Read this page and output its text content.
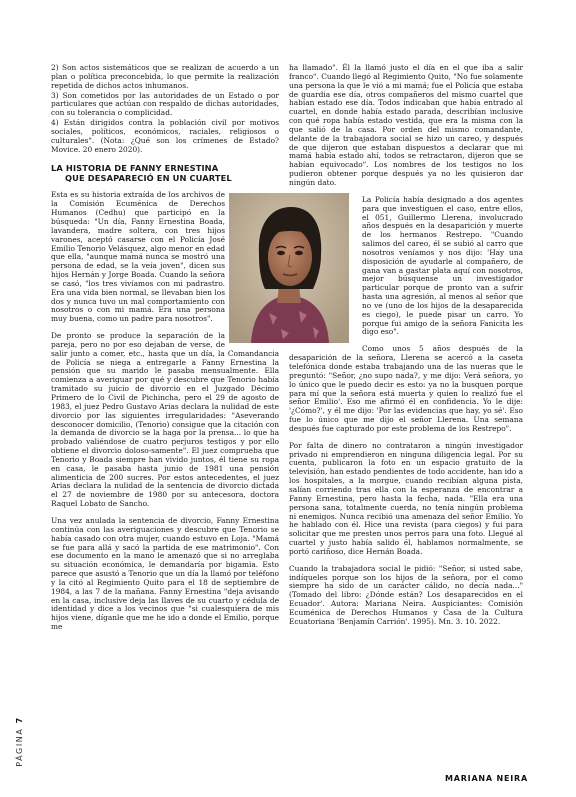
2) Son actos sistemáticos que se realizan de acuerdo a un plan o política preconcebida, lo que permite la realización repetida de dichos actos inhumanos.

3) Son cometidos por las autoridades de un Estado o por particulares que actúan con respaldo de dichas autoridades, con su tolerancia o complicidad.

4) Están dirigidos contra la población civil por motivos sociales, políticos, económicos, raciales, religiosos o culturales". (Nota: ¿Qué son los crímenes de Estado? Movice. 20 enero 2020).

LA HISTORIA DE FANNY ERNESTINA
QUE DESAPARECIÓ EN UN CUARTEL

Esta es su historia extraída de los archivos de la Comisión Ecuménica de Derechos Humanos (Cedhu) que participó en la búsqueda: "Un día, Fanny Ernestina Boada, lavandera, madre soltera, con tres hijos varones, aceptó casarse con el Policía José Emilio Tenorio Velásquez, algo menor en edad que ella, "aunque mamá nunca se mostró una persona de edad, se la veía joven", dicen sus hijos Hernán y Jorge Boada. Cuando la señora se casó, "los tres vivíamos con mi padrastro. Era una vida bien normal, se llevaban bien los dos y nunca tuvo un mal comportamiento con nosotros o con mi mamá. Era una persona muy buena, como un padre para nosotros".

De pronto se produce la separación de la pareja, pero no por eso dejaban de verse, de salir junto a comer, etc., hasta que un día, la Comandancia de Policía se niega a entregarle a Fanny Ernestina la pensión que su marido le pasaba mensualmente. Ella comienza a averiguar por qué y descubre que Tenorio había tramitado su juicio de divorcio en el Juzgado Décimo Primero de lo Civil de Pichincha, pero el 29 de agosto de 1983, el juez Pedro Gustavo Arias declara la nulidad de este divorcio por las siguientes irregularidades: "Aseverando desconocer domicilio, (Tenorio) consigue que la citación con la demanda de divorcio se la haga por la prensa... lo que ha probado valiéndose de cuatro perjuros testigos y por ello obtiene el divorcio doloso-samente". El juez comprueba que Tenorio y Boada siempre han vivido juntos, él tiene su ropa en casa, le pasaba hasta junio de 1981 una pensión alimenticia de 200 sucres. Por estos antecedentes, el juez Arias declara la nulidad de la sentencia de divorcio dictada el 27 de noviembre de 1980 por su antecesora, doctora Raquel Lobato de Sancho.

Una vez anulada la sentencia de divorcio, Fanny Ernestina continúa con las averiguaciones y descubre que Tenorio se había casado con otra mujer, cuando estuvo en Loja. "Mamá se fue para allá y sacó la partida de ese matrimonio". Con ese documento en la mano le amenazó que si no arreglaba su situación económica, le demandaría por bigamia. Esto parece que asustó a Tenorio que un día la llamó por teléfono y la citó al Regimiento Quito para el 18 de septiembre de 1984, a las 7 de la mañana. Fanny Ernestina "deja avisando en la casa, inclusive deja las llaves de su cuarto y cédula de identidad y dice a los vecinos que "si cualesquiera de mis hijos viene, díganle que me he ido a donde el Emilio, porque me

ha llamado". Él la llamó justo el día en el que iba a salir franco". Cuando llegó al Regimiento Quito, "No fue solamente una persona la que le vió a mi mamá; fue el Policía que estaba de guardia ese día, otros compañeros del mismo cuartel que habían estado ese día. Todos indicaban que había entrado al cuartel, en donde había estado parada, describían inclusive con qué ropa había estado vestida, que era la misma con la que salió de la casa. Por orden del mismo comandante, delante de la trabajadora social se hizo un careo, y después de que dijeron que estaban dispuestos a declarar que mi mamá había estado ahí, todos se retractaron, dijeron que se habían equivocado". Los nombres de los testigos no los pudieron obtener porque después ya no les quisieron dar ningún dato.

La Policía había designado a dos agentes para que investiguen el caso, entre ellos, el 051, Guillermo Llerena, involucrado años después en la desaparición y muerte de los hermanos Restrepo. "Cuando salimos del careo, él se subió al carro que nosotros veníamos y nos dijo: 'Hay una disposición de ayudarle al compañero, de gana van a gastar plata aquí con nosotros, mejor búsquense un investigador particular porque de pronto van a sufrir hasta una agresión, al menos al señor que no ve (uno de los hijos de la desaparecida es ciego), le puede pisar un carro. Yo porque fui amigo de la señora Fanicita les digo eso".

Como unos 5 años después de la desaparición de la señora, Llerena se acercó a la caseta telefónica donde estaba trabajando una de las nueras que le preguntó: "Señor, ¿no supo nada?, y me dijo: Verá señora, yo lo único que le puedo decir es esto: ya no la busquen porque para mí que la señora está muerta y quien lo realizó fue el señor Emilio'. Eso me afirmó él en confidencia. Yo le dije: '¿Cómo?', y él me dijo: 'Por las evidencias que hay, yo sé'. Eso fue lo único que me dijo el señor Llerena. Una semana después fue capturado por este problema de los Restrepo".

Por falta de dinero no contrataron a ningún investigador privado ni emprendieron en ninguna diligencia legal. Por su cuenta, publicaron la foto en un espacio gratuito de la televisión, han estado pendientes de todo accidente, han ido a los hospitales, a la morgue, cuando recibían alguna pista, salían corriendo tras ella con la esperanza de encontrar a Fanny Ernestina, pero hasta la fecha, nada. "Ella era una persona sana, totalmente cuerda, no tenía ningún problema ni enemigos. Nunca recibió una amenaza del señor Emilio. Yo he hablado con él. Hice una revista (para ciegos) y fui para solicitar que me presten unos perros para una foto. Llegué al cuartel y justo había salido él, hablamos normalmente, se portó cariñoso, dice Hernán Boada.

Cuando la trabajadora social le pidió: "Señor, si usted sabe, indíqueles porque son los hijos de la señora, por el como siempre ha sido de un carácter cálido, no decía nada..." (Tomado del libro: ¿Dónde están? Los desaparecidos en el Ecuador'. Autora: Mariana Neira. Auspiciantes: Comisión Ecuménica de Derechos Humanos y Casa de la Cultura Ecuatoriana 'Benjamín Carrión'. 1995). Mn. 3. 10. 2022.

PÁGINA 7
MARIANA NEIRA
